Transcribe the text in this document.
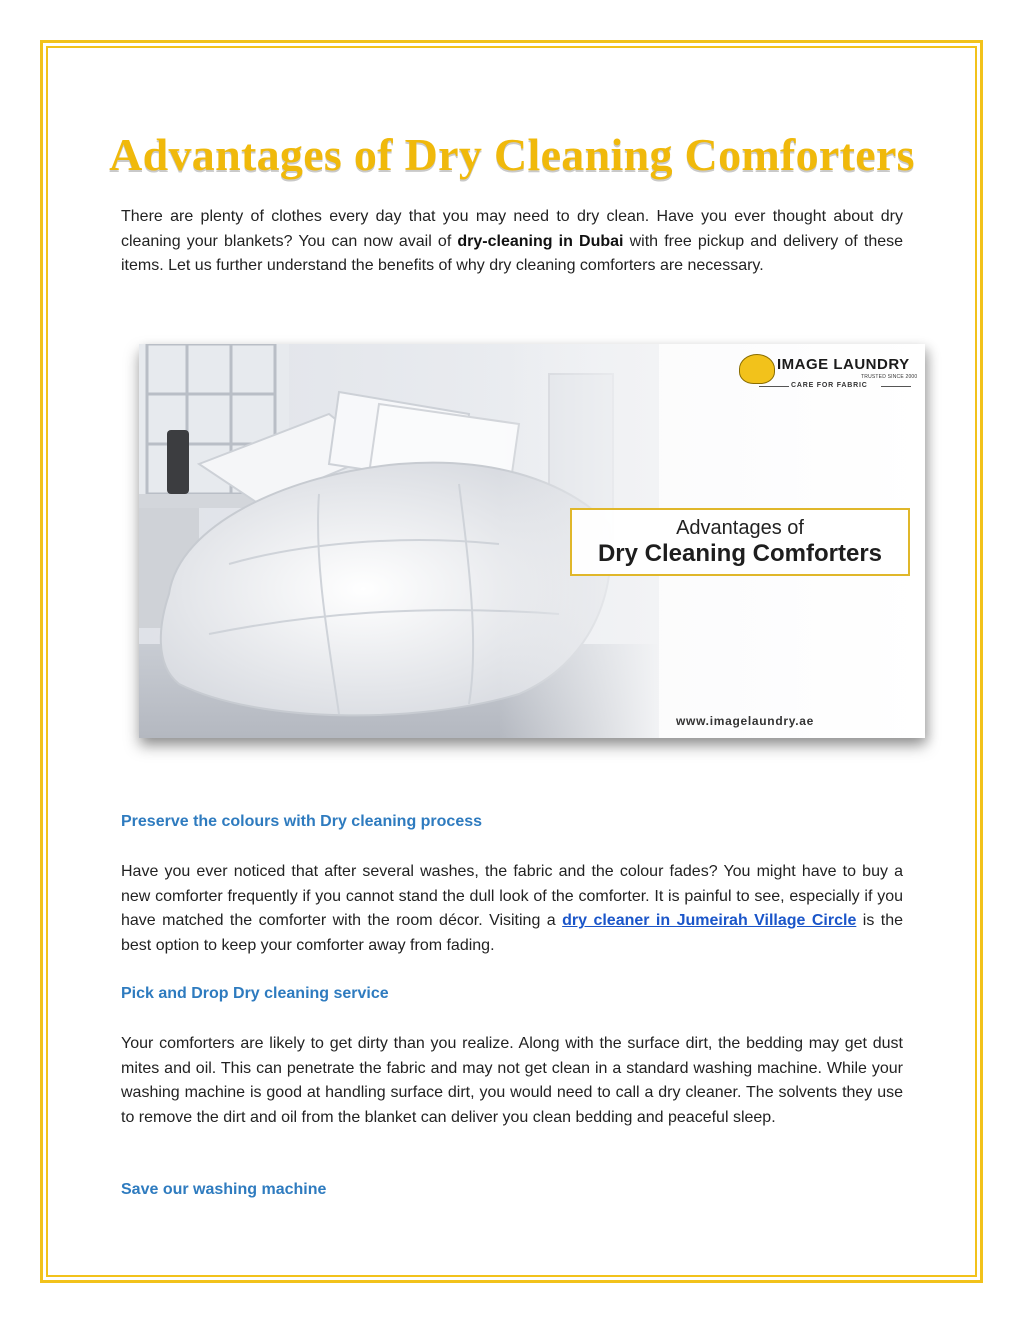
Advantages of Dry Cleaning Comforters

There are plenty of clothes every day that you may need to dry clean. Have you ever thought about dry cleaning your blankets? You can now avail of dry-cleaning in Dubai with free pickup and delivery of these items. Let us further understand the benefits of why dry cleaning comforters are necessary.

IMAGE LAUNDRY
TRUSTED SINCE 2000
CARE FOR FABRIC
Advantages of
Dry Cleaning Comforters
www.imagelaundry.ae
Preserve the colours with Dry cleaning process

Have you ever noticed that after several washes, the fabric and the colour fades? You might have to buy a new comforter frequently if you cannot stand the dull look of the comforter. It is painful to see, especially if you have matched the comforter with the room décor. Visiting a dry cleaner in Jumeirah Village Circle is the best option to keep your comforter away from fading.

Pick and Drop Dry cleaning service

Your comforters are likely to get dirty than you realize. Along with the surface dirt, the bedding may get dust mites and oil. This can penetrate the fabric and may not get clean in a standard washing machine. While your washing machine is good at handling surface dirt, you would need to call a dry cleaner. The solvents they use to remove the dirt and oil from the blanket can deliver you clean bedding and peaceful sleep.

Save our washing machine
